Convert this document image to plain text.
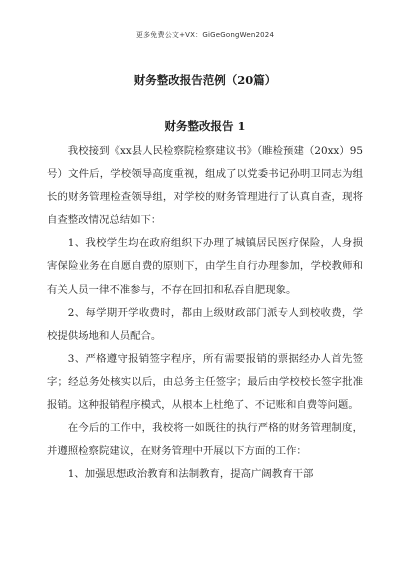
更多免费公文+VX：GiGeGongWen2024
财务整改报告范例（20篇）
财务整改报告 1

我校接到《xx县人民检察院检察建议书》（睢检预建（20xx）95号）文件后，学校领导高度重视，组成了以党委书记孙明卫同志为组长的财务管理检查领导组，对学校的财务管理进行了认真自查，现将自查整改情况总结如下：

1、我校学生均在政府组织下办理了城镇居民医疗保险，人身损害保险业务在自愿自费的原则下，由学生自行办理参加，学校教师和有关人员一律不准参与，不存在回扣和私吞自肥现象。

2、每学期开学收费时，都由上级财政部门派专人到校收费，学校提供场地和人员配合。

3、严格遵守报销签字程序，所有需要报销的票据经办人首先签字；经总务处核实以后，由总务主任签字；最后由学校校长签字批准报销。这种报销程序模式，从根本上杜绝了、不记账和自费等问题。

在今后的工作中，我校将一如既往的执行严格的财务管理制度，并遵照检察院建议，在财务管理中开展以下方面的工作：

1、加强思想政治教育和法制教育，提高广阔教育干部
